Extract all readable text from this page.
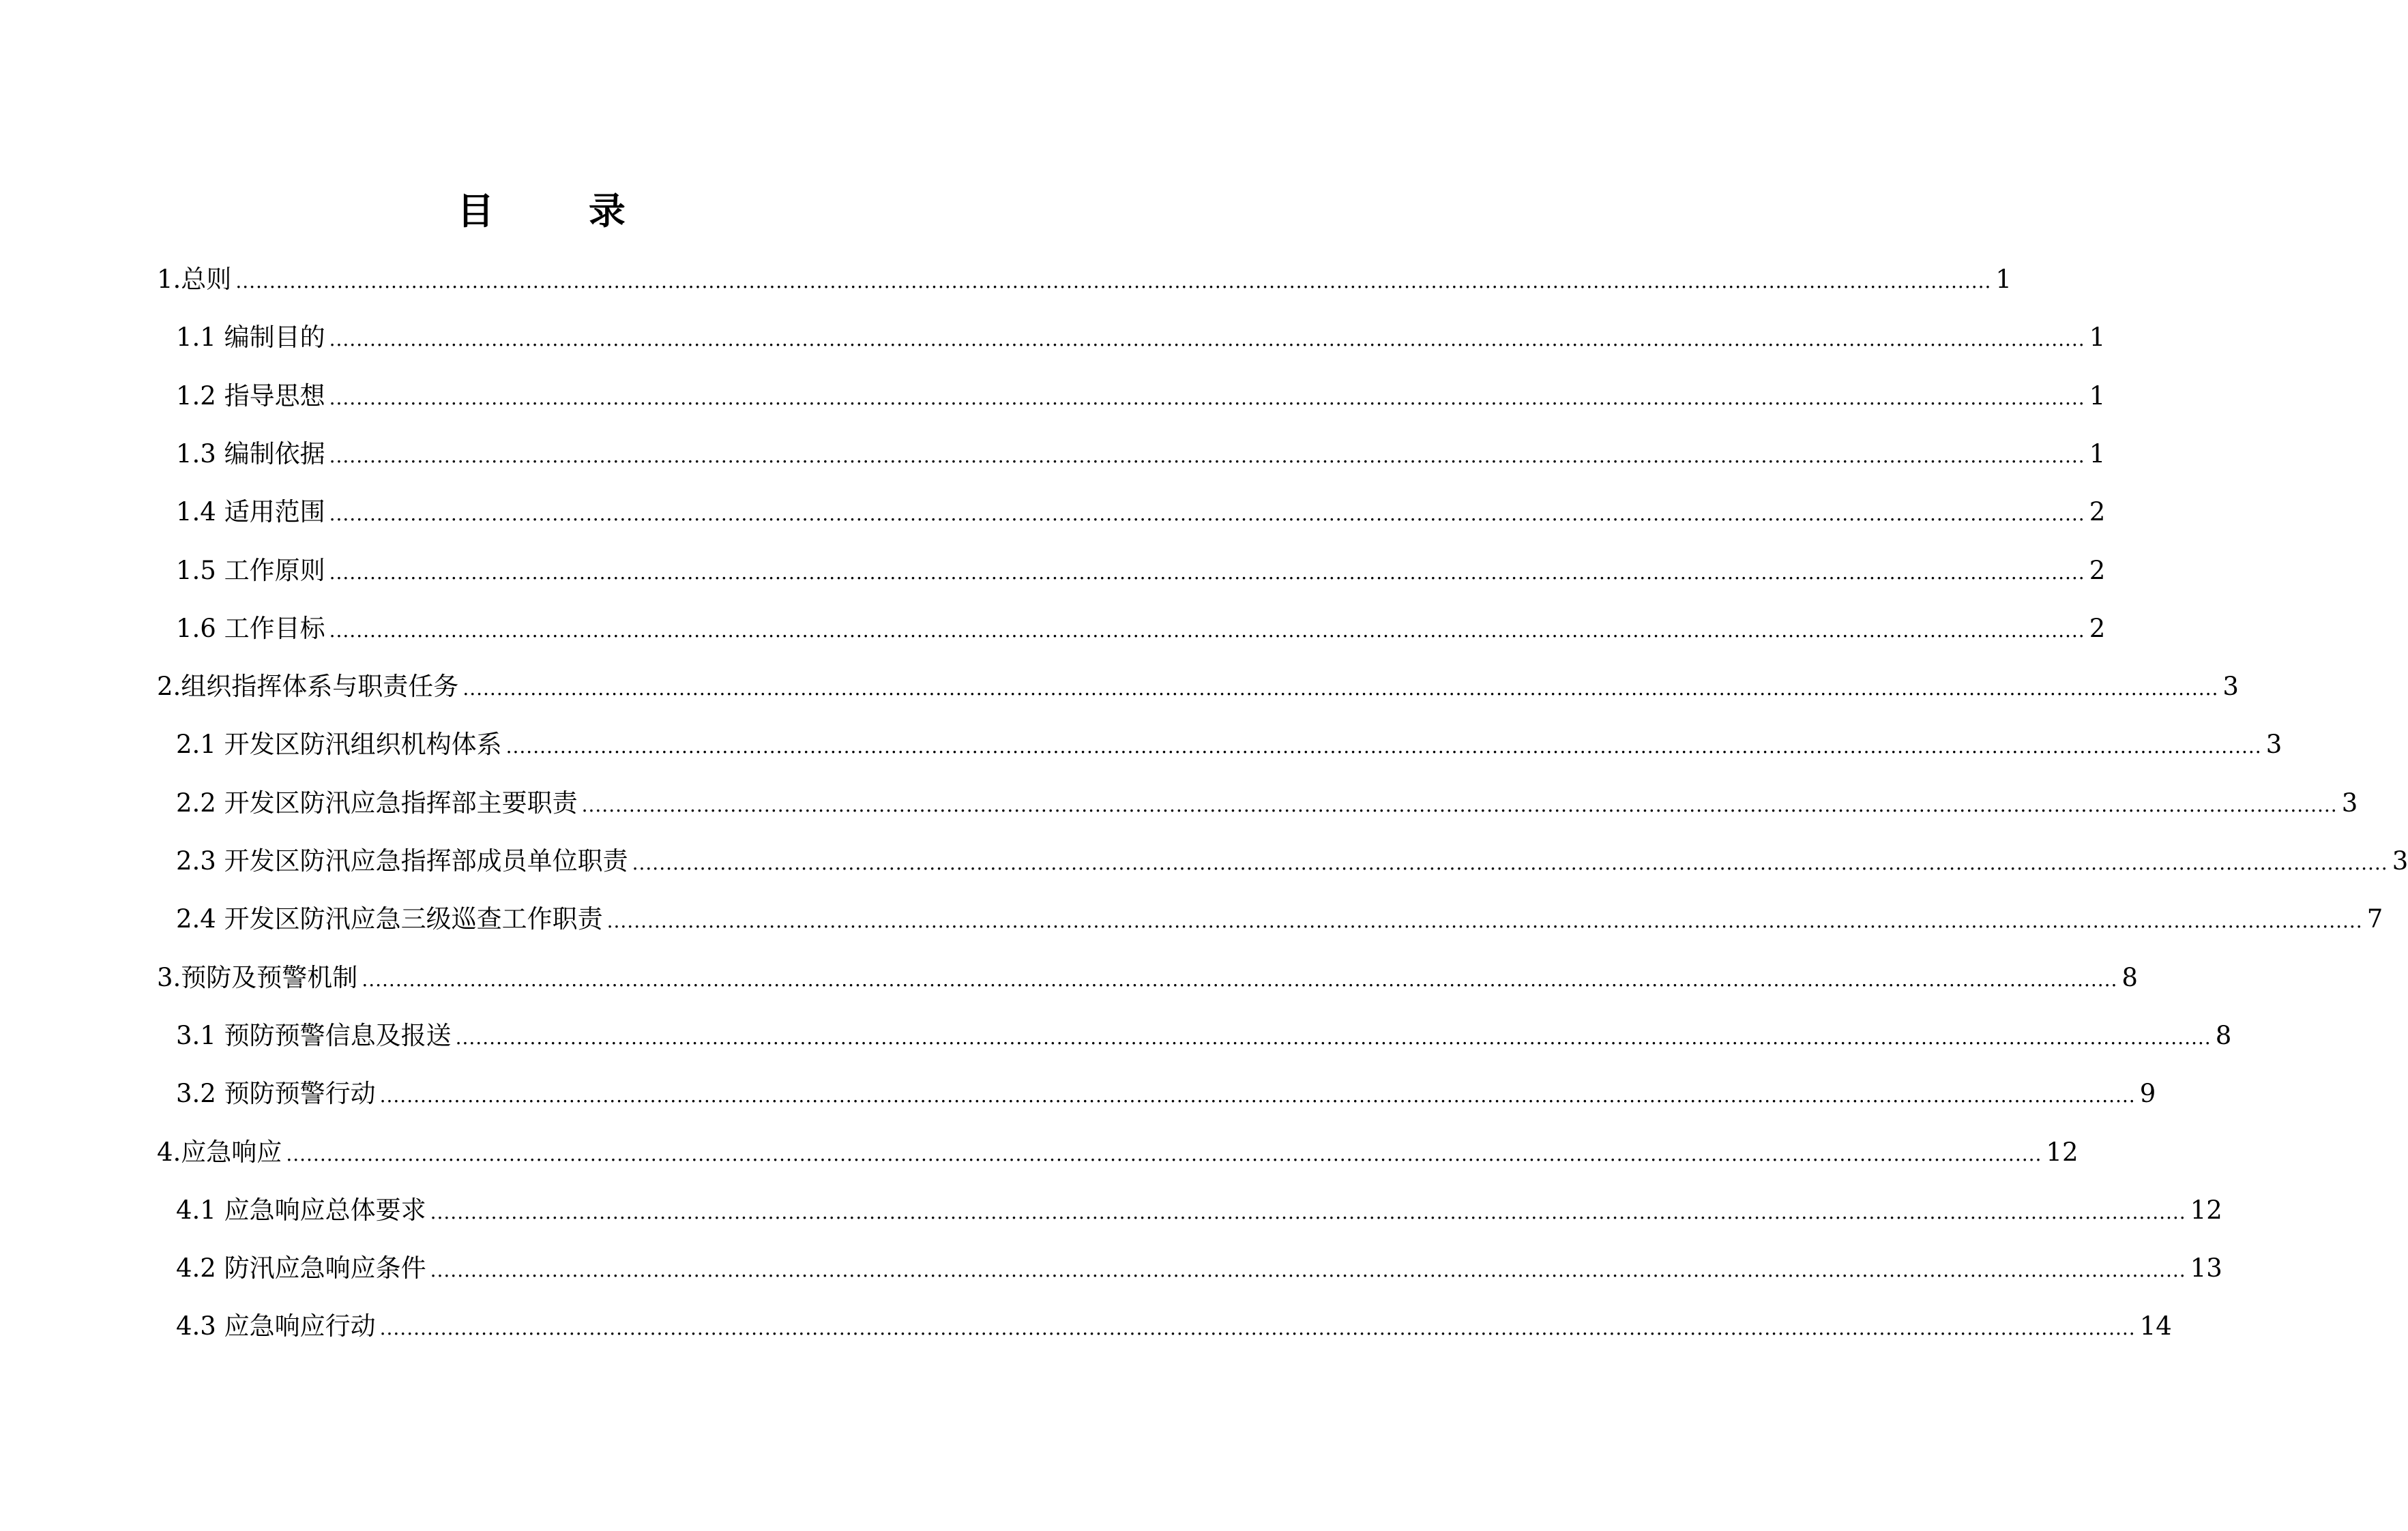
目 录
1.总则 .................................................................................................................................................................................................................................................................... 1
1.1 编制目的 .................................................................................................................................................................................................................................................................... 1
1.2 指导思想 .................................................................................................................................................................................................................................................................... 1
1.3 编制依据 .................................................................................................................................................................................................................................................................... 1
1.4 适用范围 .................................................................................................................................................................................................................................................................... 2
1.5 工作原则 .................................................................................................................................................................................................................................................................... 2
1.6 工作目标 .................................................................................................................................................................................................................................................................... 2
2.组织指挥体系与职责任务 .................................................................................................................................................................................................................................................................... 3
2.1 开发区防汛组织机构体系 .................................................................................................................................................................................................................................................................... 3
2.2 开发区防汛应急指挥部主要职责 .................................................................................................................................................................................................................................................................... 3
2.3 开发区防汛应急指挥部成员单位职责 .................................................................................................................................................................................................................................................................... 3
2.4 开发区防汛应急三级巡查工作职责 .................................................................................................................................................................................................................................................................... 7
3.预防及预警机制 .................................................................................................................................................................................................................................................................... 8
3.1 预防预警信息及报送 .................................................................................................................................................................................................................................................................... 8
3.2 预防预警行动 .................................................................................................................................................................................................................................................................... 9
4.应急响应 .................................................................................................................................................................................................................................................................... 12
4.1 应急响应总体要求 .................................................................................................................................................................................................................................................................... 12
4.2 防汛应急响应条件 .................................................................................................................................................................................................................................................................... 13
4.3 应急响应行动 .................................................................................................................................................................................................................................................................... 14
